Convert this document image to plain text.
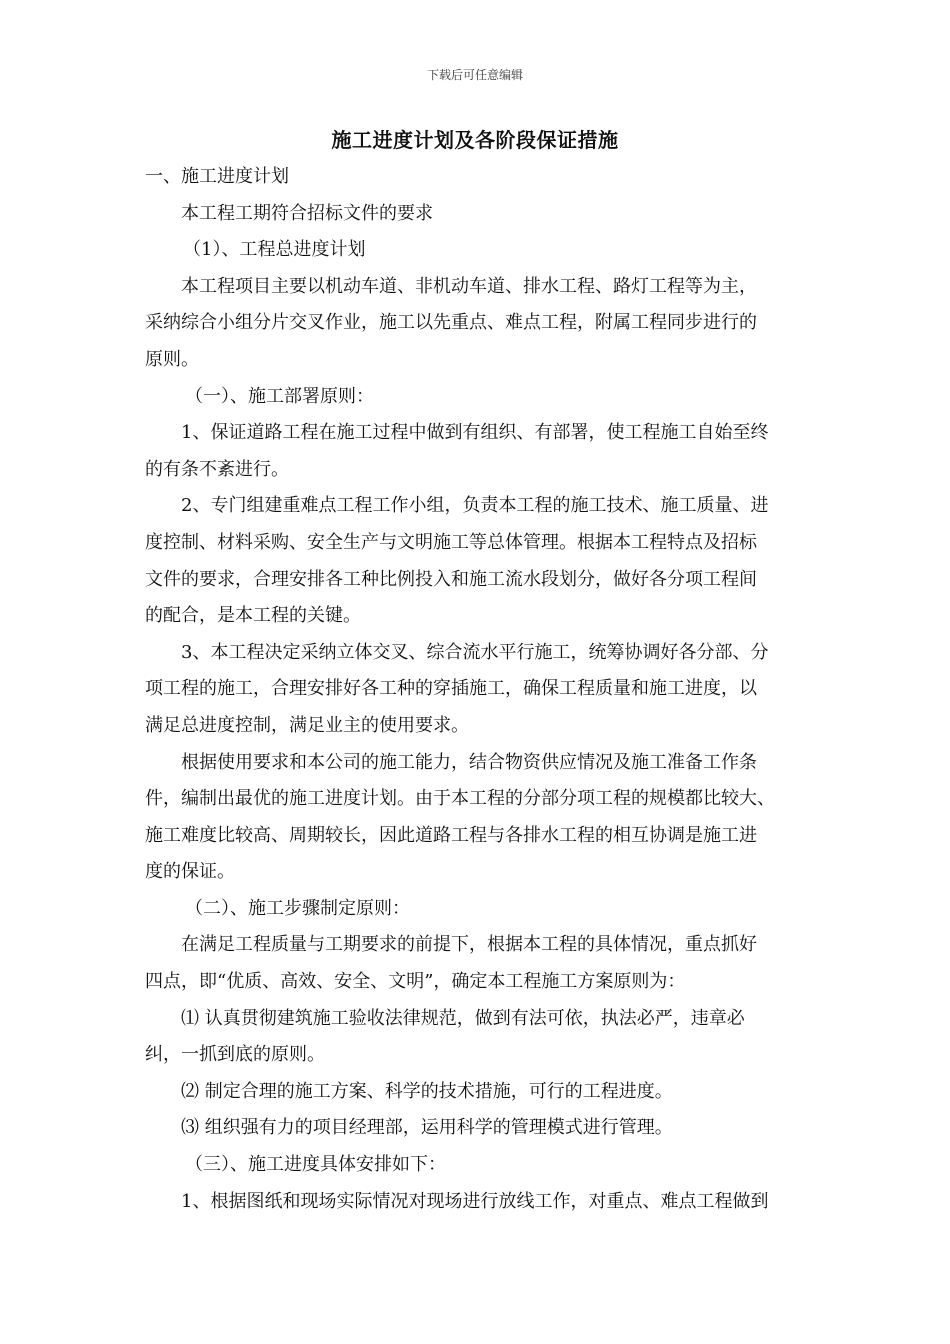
下载后可任意编辑
施工进度计划及各阶段保证措施
一、施工进度计划
本工程工期符合招标文件的要求
（1）、工程总进度计划
本工程项目主要以机动车道、非机动车道、排水工程、路灯工程等为主，
采纳综合小组分片交叉作业，施工以先重点、难点工程，附属工程同步进行的
原则。
（一）、施工部署原则：
1、保证道路工程在施工过程中做到有组织、有部署，使工程施工自始至终
的有条不紊进行。
2、专门组建重难点工程工作小组，负责本工程的施工技术、施工质量、进
度控制、材料采购、安全生产与文明施工等总体管理。根据本工程特点及招标
文件的要求，合理安排各工种比例投入和施工流水段划分，做好各分项工程间
的配合，是本工程的关键。
3、本工程决定采纳立体交叉、综合流水平行施工，统筹协调好各分部、分
项工程的施工，合理安排好各工种的穿插施工，确保工程质量和施工进度，以
满足总进度控制，满足业主的使用要求。
根据使用要求和本公司的施工能力，结合物资供应情况及施工准备工作条
件，编制出最优的施工进度计划。由于本工程的分部分项工程的规模都比较大、
施工难度比较高、周期较长，因此道路工程与各排水工程的相互协调是施工进
度的保证。
（二）、施工步骤制定原则：
在满足工程质量与工期要求的前提下，根据本工程的具体情况，重点抓好
四点，即“优质、高效、安全、文明”，确定本工程施工方案原则为：
⑴ 认真贯彻建筑施工验收法律规范，做到有法可依，执法必严，违章必
纠，一抓到底的原则。
⑵ 制定合理的施工方案、科学的技术措施，可行的工程进度。
⑶ 组织强有力的项目经理部，运用科学的管理模式进行管理。
（三）、施工进度具体安排如下：
1、根据图纸和现场实际情况对现场进行放线工作，对重点、难点工程做到
